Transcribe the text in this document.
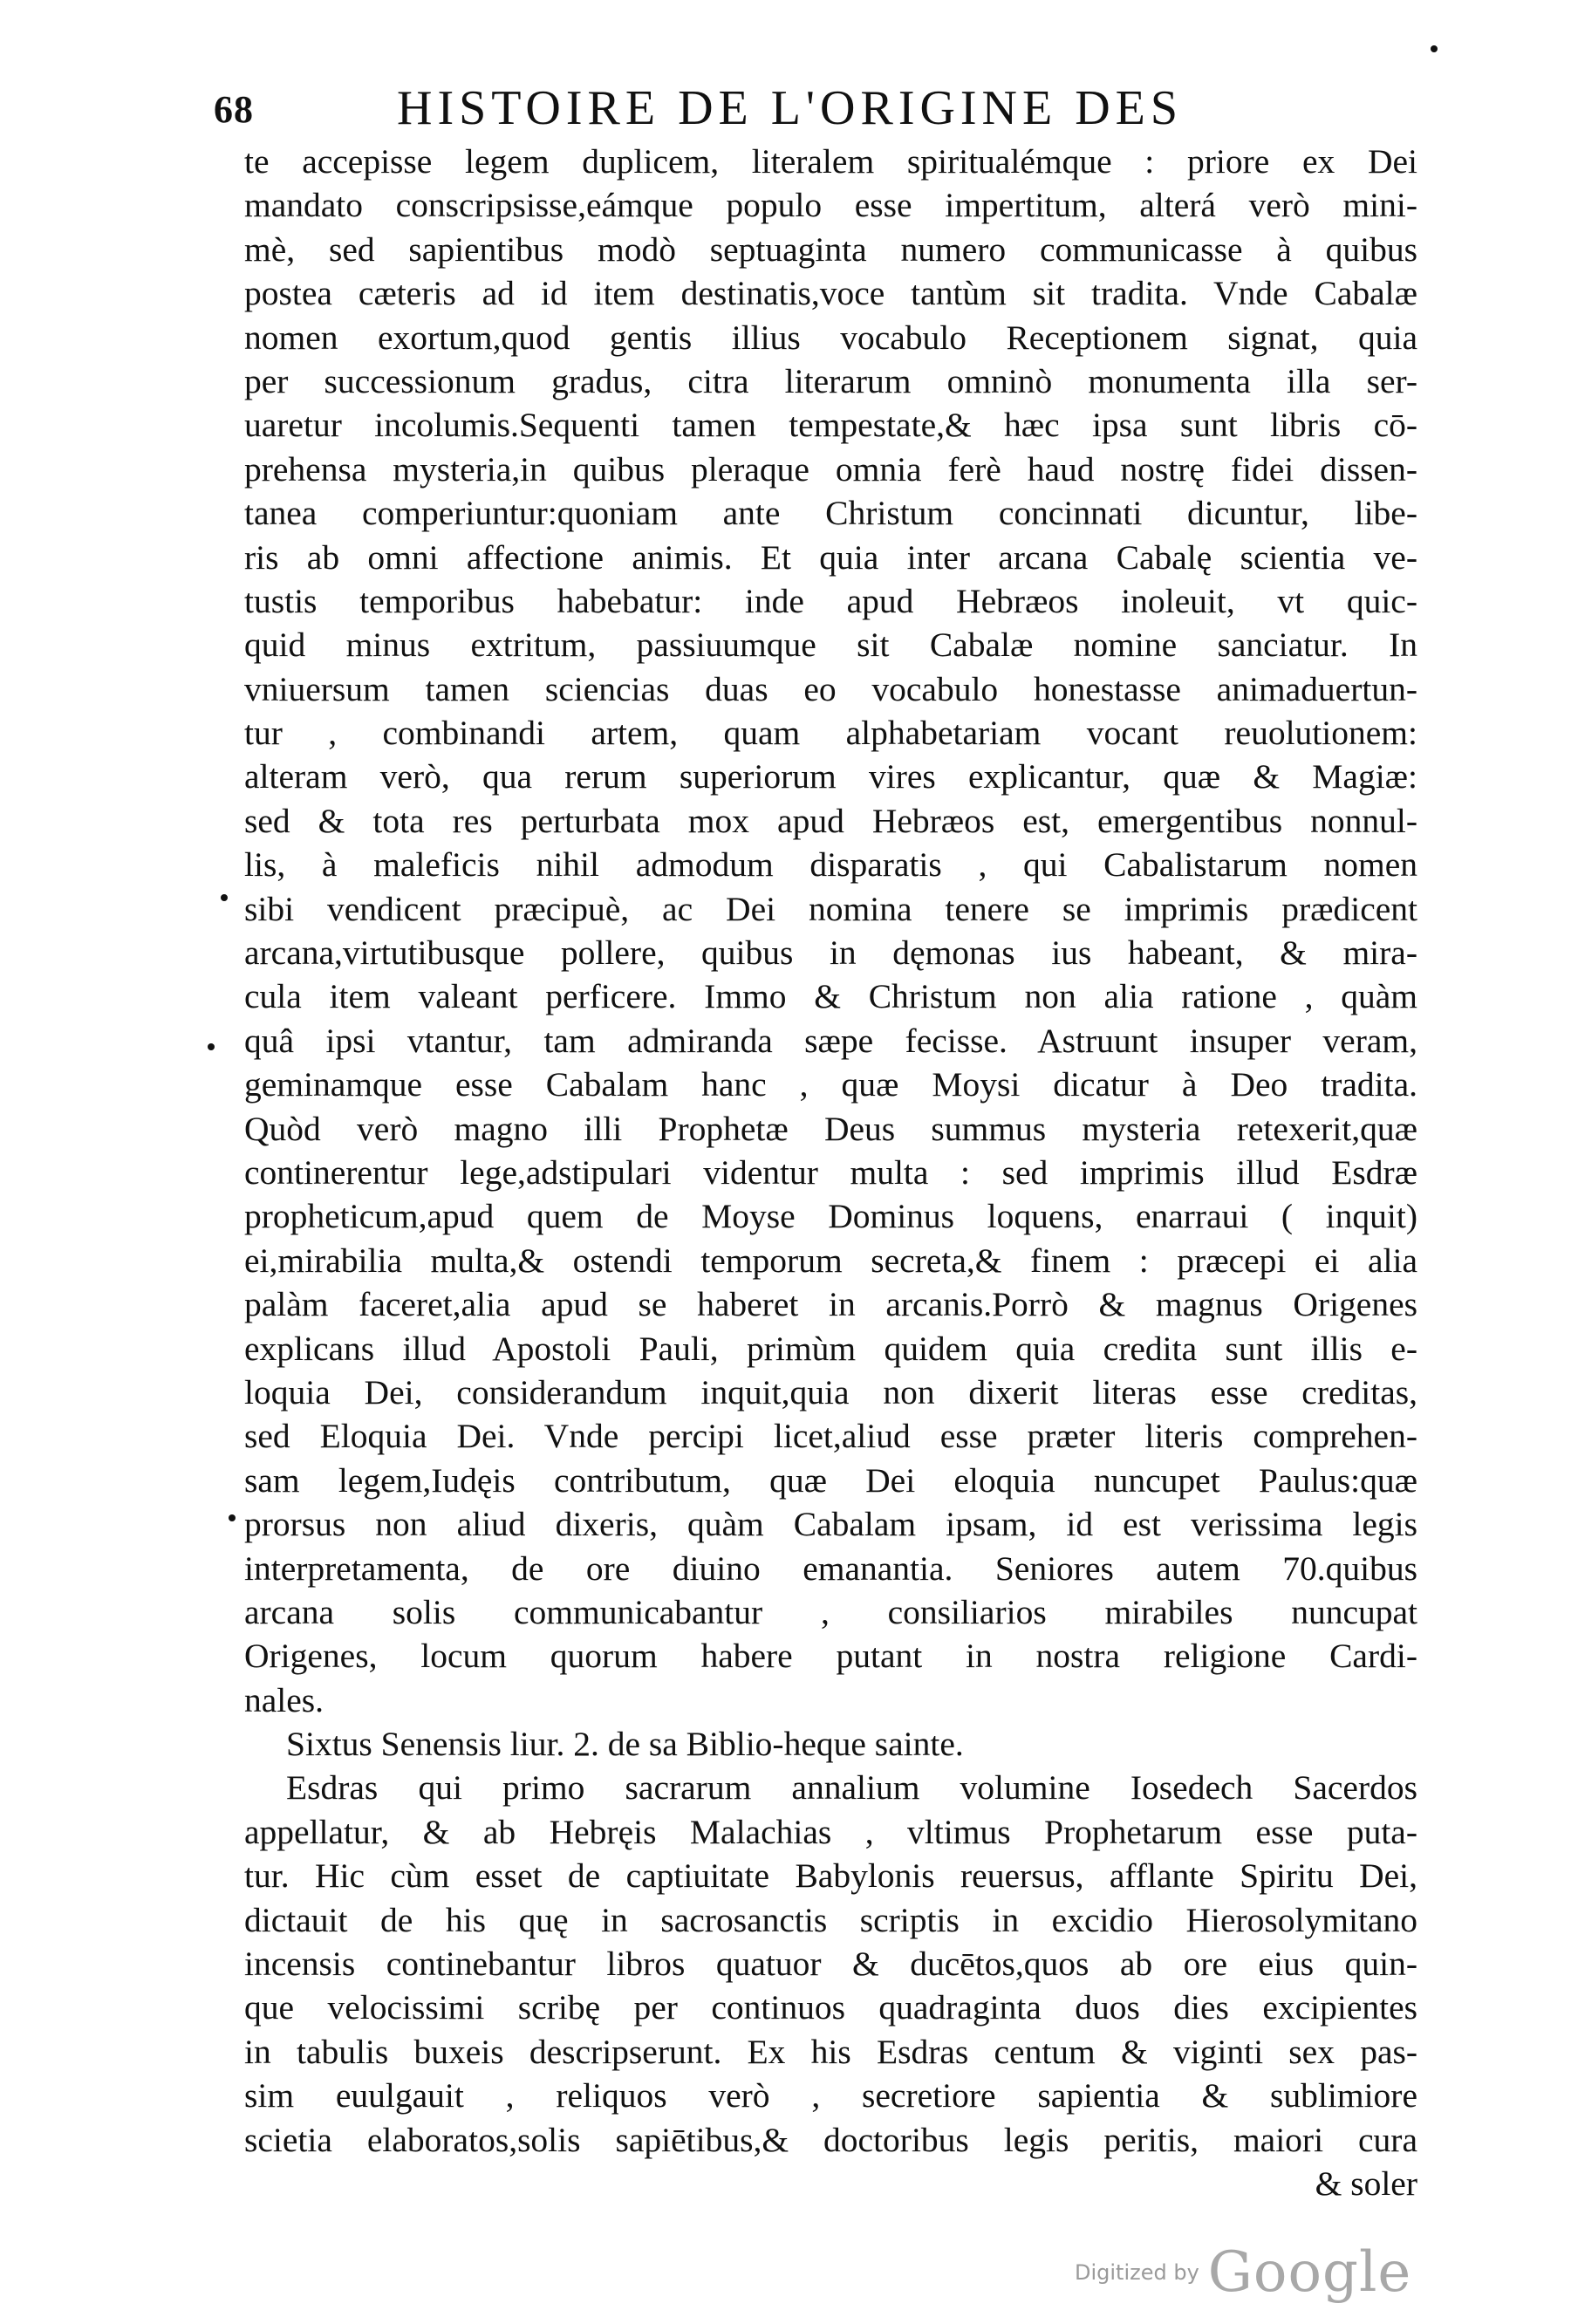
68	HISTOIRE DE L'ORIGINE DES
te accepisse legem duplicem, literalem spiritualémque : priore ex Dei
mandato conscripsisse,eámque populo esse impertitum, alterá verò mini-
mè, sed sapientibus modò septuaginta numero communicasse à quibus
postea cæteris ad id item destinatis,voce tantùm sit tradita. Vnde Cabalæ
nomen exortum,quod gentis illius vocabulo Receptionem signat, quia
per successionum gradus, citra literarum omninò monumenta illa ser-
uaretur incolumis.Sequenti tamen tempestate,& hæc ipsa sunt libris cō-
prehensa mysteria,in quibus pleraque omnia ferè haud nostrę fidei dissen-
tanea comperiuntur:quoniam ante Christum concinnati dicuntur, libe-
ris ab omni affectione animis. Et quia inter arcana Cabalę scientia ve-
tustis temporibus habebatur: inde apud Hebræos inoleuit, vt quic-
quid minus extritum, passiuumque sit Cabalæ nomine sanciatur. In
vniuersum tamen sciencias duas eo vocabulo honestasse animaduertun-
tur , combinandi artem, quam alphabetariam vocant reuolutionem:
alteram verò, qua rerum superiorum vires explicantur, quæ & Magiæ:
sed & tota res perturbata mox apud Hebræos est, emergentibus nonnul-
lis, à maleficis nihil admodum disparatis , qui Cabalistarum nomen
sibi vendicent præcipuè, ac Dei nomina tenere se imprimis prædicent
arcana,virtutibusque pollere, quibus in dęmonas ius habeant, & mira-
cula item valeant perficere. Immo & Christum non alia ratione , quàm
quâ ipsi vtantur, tam admiranda sæpe fecisse. Astruunt insuper veram,
geminamque esse Cabalam hanc , quæ Moysi dicatur à Deo tradita.
Quòd verò magno illi Prophetæ Deus summus mysteria retexerit,quæ
continerentur lege,adstipulari videntur multa : sed imprimis illud Esdræ
propheticum,apud quem de Moyse Dominus loquens, enarraui ( inquit)
ei,mirabilia multa,& ostendi temporum secreta,& finem : præcepi ei alia
palàm faceret,alia apud se haberet in arcanis.Porrò & magnus Origenes
explicans illud Apostoli Pauli, primùm quidem quia credita sunt illis e-
loquia Dei, considerandum inquit,quia non dixerit literas esse creditas,
sed Eloquia Dei. Vnde percipi licet,aliud esse præter literis comprehen-
sam legem,Iudęis contributum, quæ Dei eloquia nuncupet Paulus:quæ
prorsus non aliud dixeris, quàm Cabalam ipsam, id est verissima legis
interpretamenta, de ore diuino emanantia. Seniores autem 70.quibus
arcana solis communicabantur , consiliarios mirabiles nuncupat
Origenes, locum quorum habere putant in nostra religione Cardi-
nales.
Sixtus Senensis liur. 2. de sa Biblio-heque sainte.
Esdras qui primo sacrarum annalium volumine Iosedech Sacerdos
appellatur, & ab Hebręis Malachias , vltimus Prophetarum esse puta-
tur. Hic cùm esset de captiuitate Babylonis reuersus, afflante Spiritu Dei,
dictauit de his quę in sacrosanctis scriptis in excidio Hierosolymitano
incensis continebantur libros quatuor & ducētos,quos ab ore eius quin-
que velocissimi scribę per continuos quadraginta duos dies excipientes
in tabulis buxeis descripserunt. Ex his Esdras centum & viginti sex pas-
sim euulgauit , reliquos verò , secretiore sapientia & sublimiore
scietia elaboratos,solis sapiētibus,& doctoribus legis peritis, maiori cura
& soler
Digitized by Google
